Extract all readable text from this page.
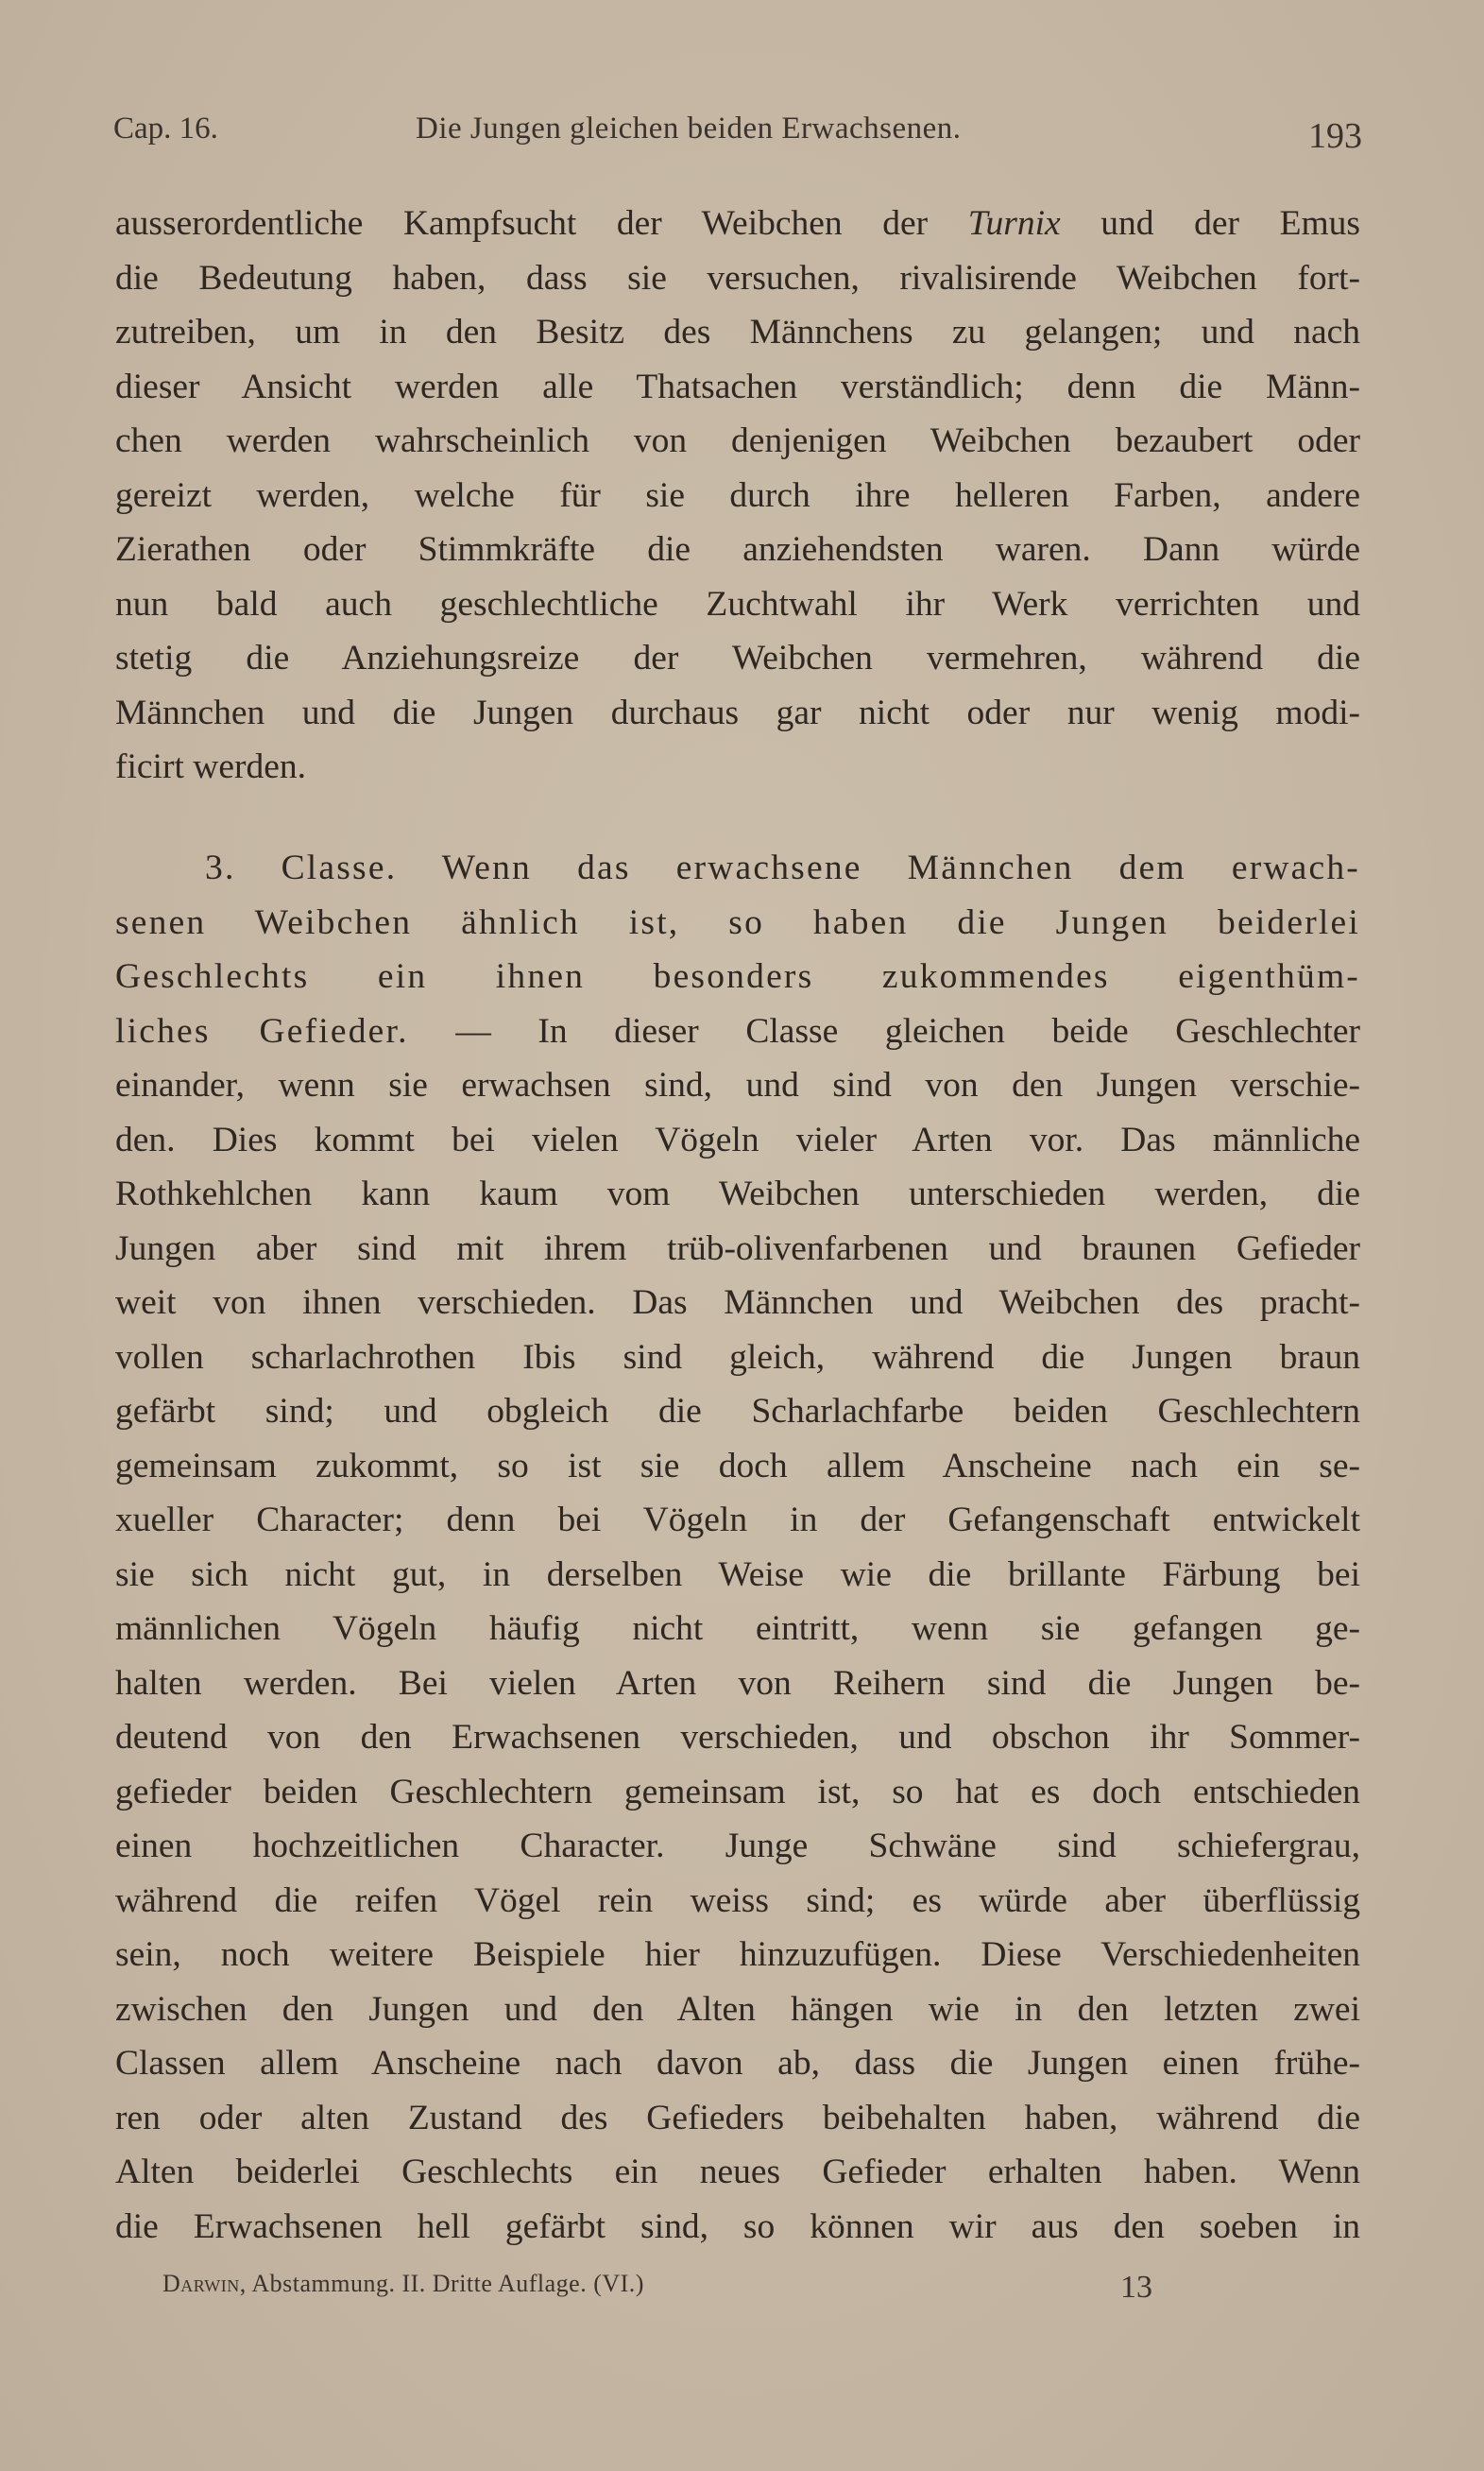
Cap. 16.	Die Jungen gleichen beiden Erwachsenen.	193
ausserordentliche Kampfsucht der Weibchen der Turnix und der Emus
die Bedeutung haben, dass sie versuchen, rivalisirende Weibchen fort-
zutreiben, um in den Besitz des Männchens zu gelangen; und nach
dieser Ansicht werden alle Thatsachen verständlich; denn die Männ-
chen werden wahrscheinlich von denjenigen Weibchen bezaubert oder
gereizt werden, welche für sie durch ihre helleren Farben, andere
Zierathen oder Stimmkräfte die anziehendsten waren. Dann würde
nun bald auch geschlechtliche Zuchtwahl ihr Werk verrichten und
stetig die Anziehungsreize der Weibchen vermehren, während die
Männchen und die Jungen durchaus gar nicht oder nur wenig modi-
ficirt werden.
3. Classe. Wenn das erwachsene Männchen dem erwach-
senen Weibchen ähnlich ist, so haben die Jungen beiderlei
Geschlechts ein ihnen besonders zukommendes eigenthüm-
liches Gefieder. — In dieser Classe gleichen beide Geschlechter
einander, wenn sie erwachsen sind, und sind von den Jungen verschie-
den. Dies kommt bei vielen Vögeln vieler Arten vor. Das männliche
Rothkehlchen kann kaum vom Weibchen unterschieden werden, die
Jungen aber sind mit ihrem trüb-olivenfarbenen und braunen Gefieder
weit von ihnen verschieden. Das Männchen und Weibchen des pracht-
vollen scharlachrothen Ibis sind gleich, während die Jungen braun
gefärbt sind; und obgleich die Scharlachfarbe beiden Geschlechtern
gemeinsam zukommt, so ist sie doch allem Anscheine nach ein se-
xueller Character; denn bei Vögeln in der Gefangenschaft entwickelt
sie sich nicht gut, in derselben Weise wie die brillante Färbung bei
männlichen Vögeln häufig nicht eintritt, wenn sie gefangen ge-
halten werden. Bei vielen Arten von Reihern sind die Jungen be-
deutend von den Erwachsenen verschieden, und obschon ihr Sommer-
gefieder beiden Geschlechtern gemeinsam ist, so hat es doch entschieden
einen hochzeitlichen Character. Junge Schwäne sind schiefergrau,
während die reifen Vögel rein weiss sind; es würde aber überflüssig
sein, noch weitere Beispiele hier hinzuzufügen. Diese Verschiedenheiten
zwischen den Jungen und den Alten hängen wie in den letzten zwei
Classen allem Anscheine nach davon ab, dass die Jungen einen frühe-
ren oder alten Zustand des Gefieders beibehalten haben, während die
Alten beiderlei Geschlechts ein neues Gefieder erhalten haben. Wenn
die Erwachsenen hell gefärbt sind, so können wir aus den soeben in
Darwin, Abstammung. II. Dritte Auflage. (VI.)	13
